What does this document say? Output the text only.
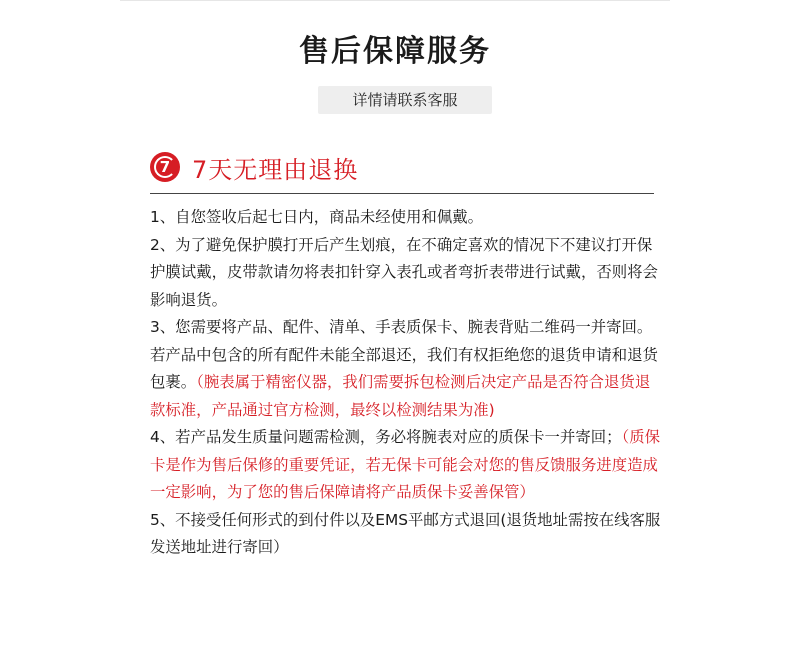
售后保障服务
详情请联系客服
7 7天无理由退换

1、自您签收后起七日内，商品未经使用和佩戴。

2、为了避免保护膜打开后产生划痕，在不确定喜欢的情况下不建议打开保护膜试戴，皮带款请勿将表扣针穿入表孔或者弯折表带进行试戴，否则将会影响退货。

3、您需要将产品、配件、清单、手表质保卡、腕表背贴二维码一并寄回。

若产品中包含的所有配件未能全部退还，我们有权拒绝您的退货申请和退货包裹。（腕表属于精密仪器，我们需要拆包检测后决定产品是否符合退货退款标准，产品通过官方检测，最终以检测结果为准)

4、若产品发生质量问题需检测，务必将腕表对应的质保卡一并寄回；（质保卡是作为售后保修的重要凭证，若无保卡可能会对您的售反馈服务进度造成一定影响，为了您的售后保障请将产品质保卡妥善保管）

5、不接受任何形式的到付件以及EMS平邮方式退回(退货地址需按在线客服发送地址进行寄回）
